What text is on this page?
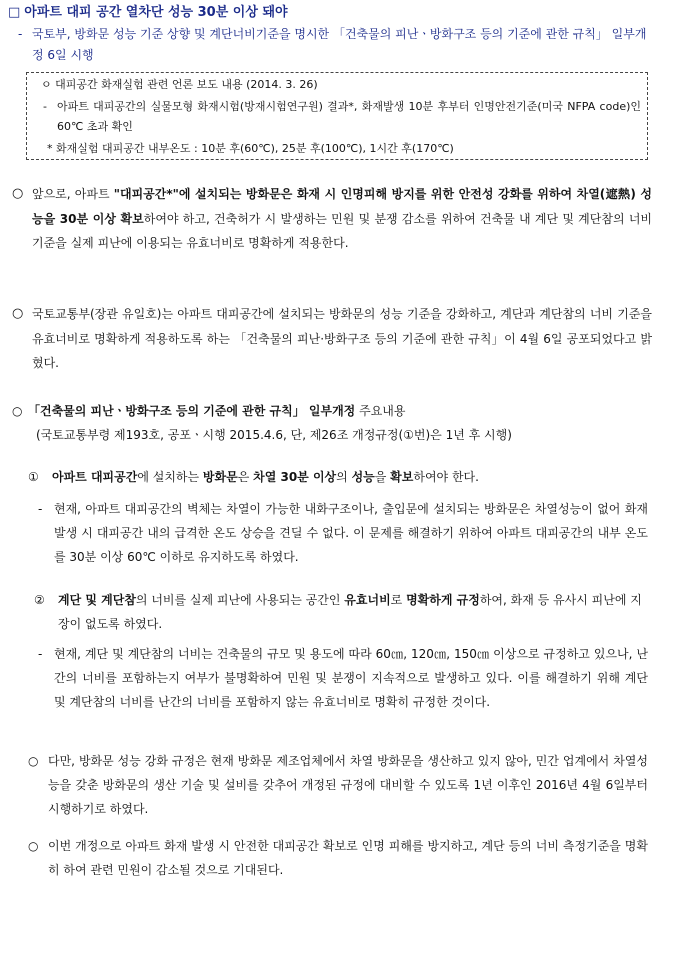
□ 아파트 대피 공간 열차단 성능 30분 이상 돼야
- 국토부, 방화문 성능 기준 상향 및 계단너비기준을 명시한 「건축물의 피난ㆍ방화구조 등의 기준에 관한 규칙」 일부개정 6일 시행
ㅇ 대피공간 화재실험 관련 언론 보도 내용 (2014. 3. 26)
- 아파트 대피공간의 실물모형 화재시험(방재시험연구원) 결과*, 화재발생 10분 후부터 인명안전기준(미국 NFPA code)인 60℃ 초과 확인
* 화재실험 대피공간 내부온도 : 10분 후(60℃), 25분 후(100℃), 1시간 후(170℃)
○ 앞으로, 아파트 "대피공간*"에 설치되는 방화문은 화재 시 인명피해 방지를 위한 안전성 강화를 위하여 차열(遮熱) 성능을 30분 이상 확보하여야 하고, 건축허가 시 발생하는 민원 및 분쟁 감소를 위하여 건축물 내 계단 및 계단참의 너비 기준을 실제 피난에 이용되는 유효너비로 명확하게 적용한다.
○ 국토교통부(장관 유일호)는 아파트 대피공간에 설치되는 방화문의 성능 기준을 강화하고, 계단과 계단참의 너비 기준을 유효너비로 명확하게 적용하도록 하는 「건축물의 피난·방화구조 등의 기준에 관한 규칙」이 4월 6일 공포되었다고 밝혔다.
○ 「건축물의 피난ㆍ방화구조 등의 기준에 관한 규칙」 일부개정 주요내용
(국토교통부령 제193호, 공포ㆍ시행 2015.4.6, 단, 제26조 개정규정(①번)은 1년 후 시행)
① 아파트 대피공간에 설치하는 방화문은 차열 30분 이상의 성능을 확보하여야 한다.
- 현재, 아파트 대피공간의 벽체는 차열이 가능한 내화구조이나, 출입문에 설치되는 방화문은 차열성능이 없어 화재 발생 시 대피공간 내의 급격한 온도 상승을 견딜 수 없다. 이 문제를 해결하기 위하여 아파트 대피공간의 내부 온도를 30분 이상 60℃ 이하로 유지하도록 하였다.
② 계단 및 계단참의 너비를 실제 피난에 사용되는 공간인 유효너비로 명확하게 규정하여, 화재 등 유사시 피난에 지장이 없도록 하였다.
- 현재, 계단 및 계단참의 너비는 건축물의 규모 및 용도에 따라 60㎝, 120㎝, 150㎝ 이상으로 규정하고 있으나, 난간의 너비를 포함하는지 여부가 불명확하여 민원 및 분쟁이 지속적으로 발생하고 있다. 이를 해결하기 위해 계단 및 계단참의 너비를 난간의 너비를 포함하지 않는 유효너비로 명확히 규정한 것이다.
○ 다만, 방화문 성능 강화 규정은 현재 방화문 제조업체에서 차열 방화문을 생산하고 있지 않아, 민간 업계에서 차열성능을 갖춘 방화문의 생산 기술 및 설비를 갖추어 개정된 규정에 대비할 수 있도록 1년 이후인 2016년 4월 6일부터 시행하기로 하였다.
○ 이번 개정으로 아파트 화재 발생 시 안전한 대피공간 확보로 인명 피해를 방지하고, 계단 등의 너비 측정기준을 명확히 하여 관련 민원이 감소될 것으로 기대된다.
